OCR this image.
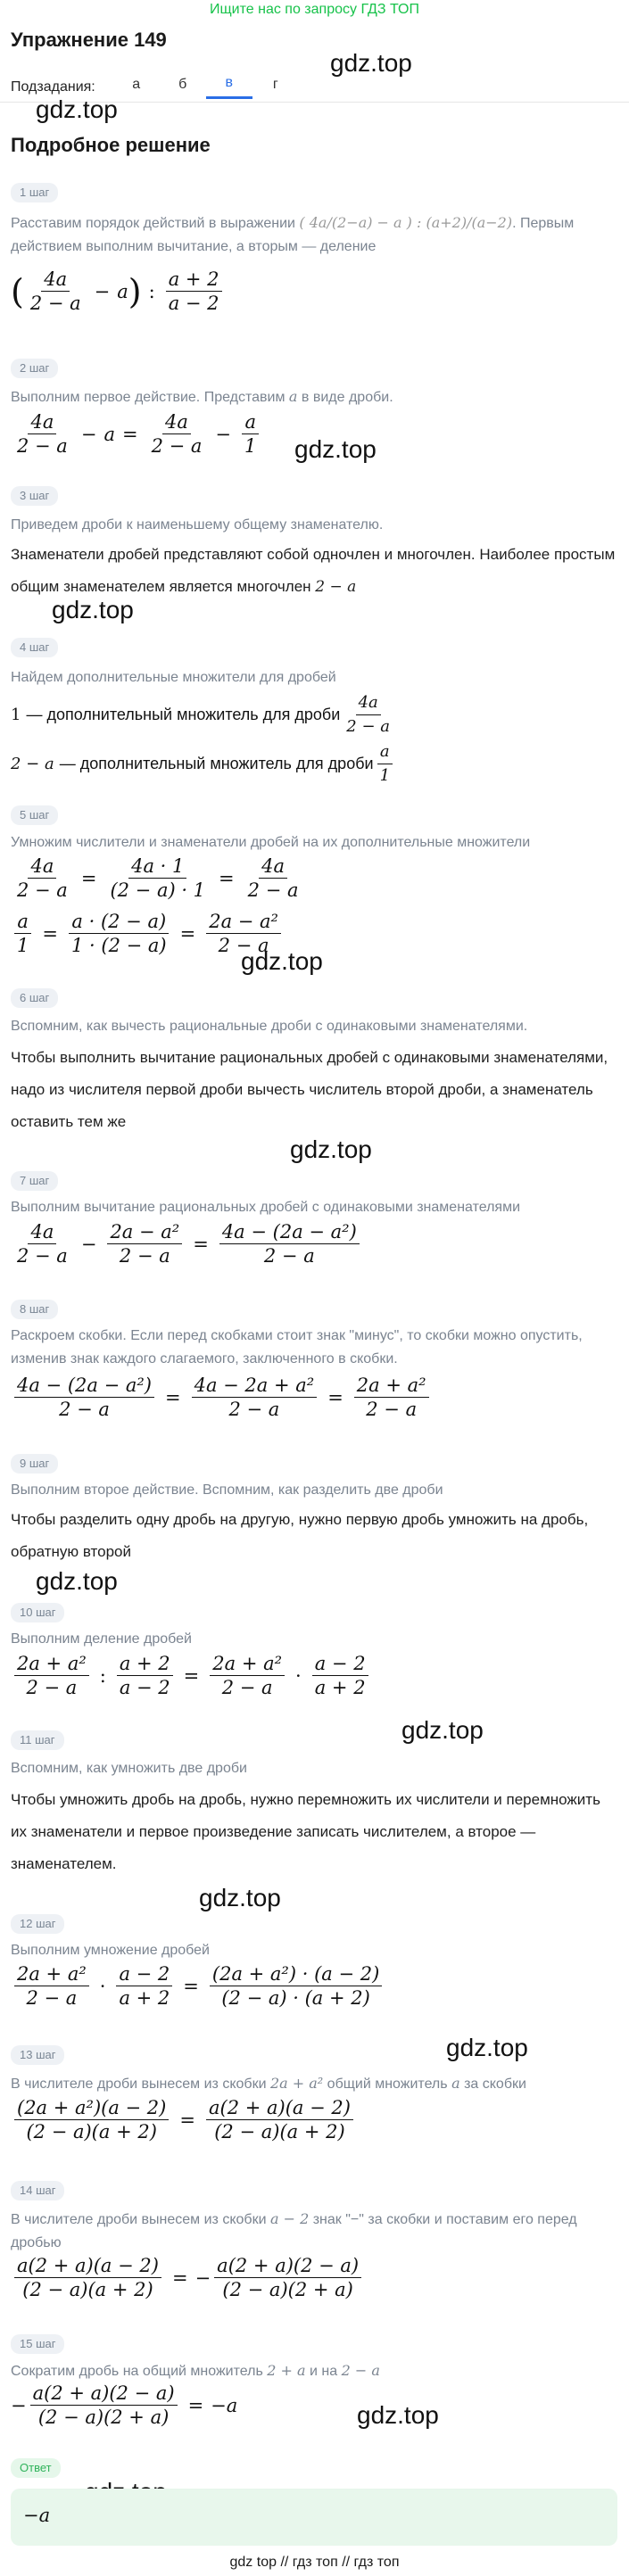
Ищите нас по запросу ГДЗ ТОП
Упражнение 149
Подзадания:	а	б	в	г
Подробное решение
gdz.top
gdz.top
gdz.top
gdz.top
gdz.top
gdz.top
gdz.top
gdz.top
gdz.top
gdz.top
gdz.top
1 шаг
Расставим порядок действий в выражении ( 4a/(2−a) − a ) : (a+2)/(a−2). Первым действием выполним вычитание, а вторым — деление
( $\frac{4a}{2 - a} - a$ ) : $\frac{a + 2}{a - 2}$
2 шаг
Выполним первое действие. Представим a в виде дроби.
$\frac{4a}{2 - a} - a = \frac{4a}{2 - a} - \frac{a}{1}$
3 шаг
Приведем дроби к наименьшему общему знаменателю.
Знаменатели дробей представляют собой одночлен и многочлен. Наиболее простым общим знаменателем является многочлен 2 − a
4 шаг
Найдем дополнительные множители для дробей
1 — дополнительный множитель для дроби $\frac{4a}{2 - a}$
2 − a — дополнительный множитель для дроби $\frac{a}{1}$
5 шаг
Умножим числители и знаменатели дробей на их дополнительные множители
$\frac{4a}{2 - a} = \frac{4a \cdot 1}{(2 - a) \cdot 1} = \frac{4a}{2 - a}$
$\frac{a}{1} = \frac{a \cdot (2 - a)}{1 \cdot (2 - a)} = \frac{\text{2a − a²}}{2 - a}$
6 шаг
Вспомним, как вычесть рациональные дроби с одинаковыми знаменателями.
Чтобы выполнить вычитание рациональных дробей с одинаковыми знаменателями, надо из числителя первой дроби вычесть числитель второй дроби, а знаменатель оставить тем же
7 шаг
Выполним вычитание рациональных дробей с одинаковыми знаменателями
$\frac{4a}{2 - a} - \frac{\text{2a − a²}}{2 - a} = \frac{\text{4a − (2a − a²)}}{2 - a}$
8 шаг
Раскроем скобки. Если перед скобками стоит знак "минус", то скобки можно опустить, изменив знак каждого слагаемого, заключенного в скобки.
$\frac{\text{4a − (2a − a²)}}{2 - a} = \frac{\text{4a − 2a + a²}}{2 - a} = \frac{\text{2a + a²}}{2 - a}$
9 шаг
Выполним второе действие. Вспомним, как разделить две дроби
Чтобы разделить одну дробь на другую, нужно первую дробь умножить на дробь, обратную второй
10 шаг
Выполним деление дробей
$\frac{\text{2a + a²}}{2 - a}$ : $\frac{a + 2}{a - 2} = \frac{\text{2a + a²}}{2 - a} \cdot \frac{a - 2}{a + 2}$
11 шаг
Вспомним, как умножить две дроби
Чтобы умножить дробь на дробь, нужно перемножить их числители и перемножить их знаменатели и первое произведение записать числителем, а второе — знаменателем.
12 шаг
Выполним умножение дробей
$\frac{\text{2a + a²}}{2 - a} \cdot \frac{a - 2}{a + 2} = \frac{\text{(2a + a²) · (a − 2)}}{(2 - a) \cdot (a + 2)}$
13 шаг
В числителе дроби вынесем из скобки 2a + a² общий множитель a за скобки
$\frac{\text{(2a + a²)(a − 2)}}{(2 - a)(a + 2)} = \frac{a(2 + a)(a - 2)}{(2 - a)(a + 2)}$
14 шаг
В числителе дроби вынесем из скобки a − 2 знак "−" за скобки и поставим его перед дробью
$\frac{a(2 + a)(a - 2)}{(2 - a)(a + 2)}$ = − $\frac{a(2 + a)(2 - a)}{(2 - a)(2 + a)}$
15 шаг
Сократим дробь на общий множитель 2 + a и на 2 − a
− $\frac{a(2 + a)(2 - a)}{(2 - a)(2 + a)} = -a$
Ответ
−a
gdz top // гдз топ // гдз топ
